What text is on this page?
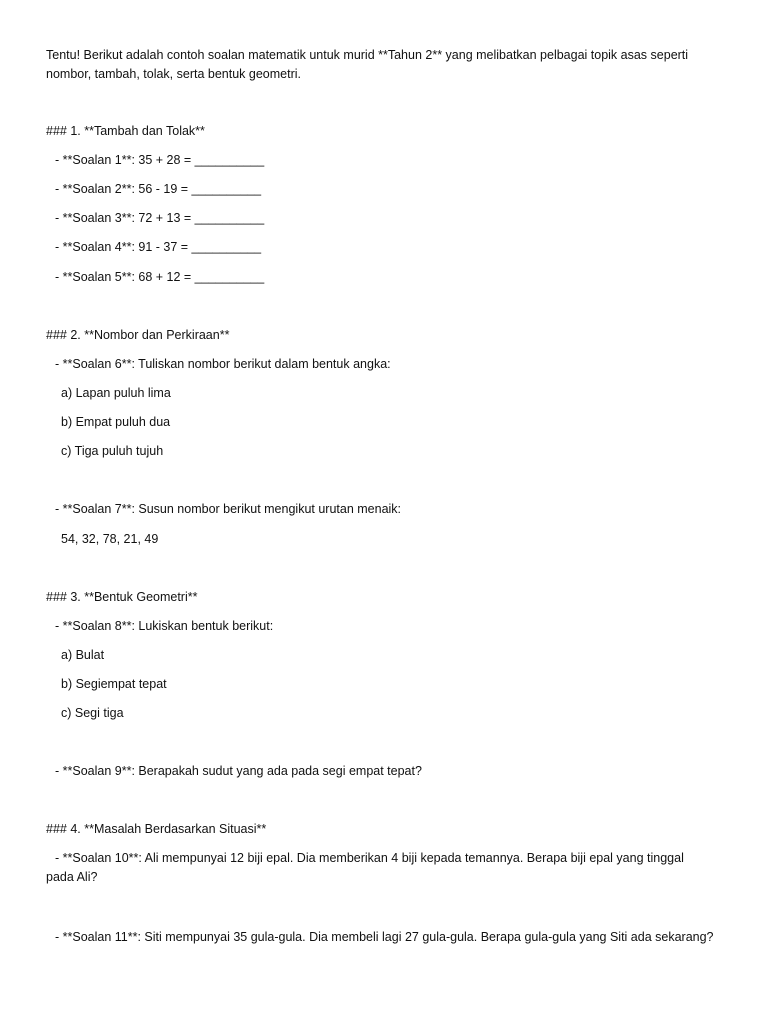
Tentu! Berikut adalah contoh soalan matematik untuk murid **Tahun 2** yang melibatkan pelbagai topik asas seperti nombor, tambah, tolak, serta bentuk geometri.
### 1. **Tambah dan Tolak**
- **Soalan 1**: 35 + 28 = __________
- **Soalan 2**: 56 - 19 = __________
- **Soalan 3**: 72 + 13 = __________
- **Soalan 4**: 91 - 37 = __________
- **Soalan 5**: 68 + 12 = __________
### 2. **Nombor dan Perkiraan**
- **Soalan 6**: Tuliskan nombor berikut dalam bentuk angka:
a) Lapan puluh lima
b) Empat puluh dua
c) Tiga puluh tujuh
- **Soalan 7**: Susun nombor berikut mengikut urutan menaik:
54, 32, 78, 21, 49
### 3. **Bentuk Geometri**
- **Soalan 8**: Lukiskan bentuk berikut:
a) Bulat
b) Segiempat tepat
c) Segi tiga
- **Soalan 9**: Berapakah sudut yang ada pada segi empat tepat?
### 4. **Masalah Berdasarkan Situasi**
- **Soalan 10**: Ali mempunyai 12 biji epal. Dia memberikan 4 biji kepada temannya. Berapa biji epal yang tinggal pada Ali?
- **Soalan 11**: Siti mempunyai 35 gula-gula. Dia membeli lagi 27 gula-gula. Berapa gula-gula yang Siti ada sekarang?
